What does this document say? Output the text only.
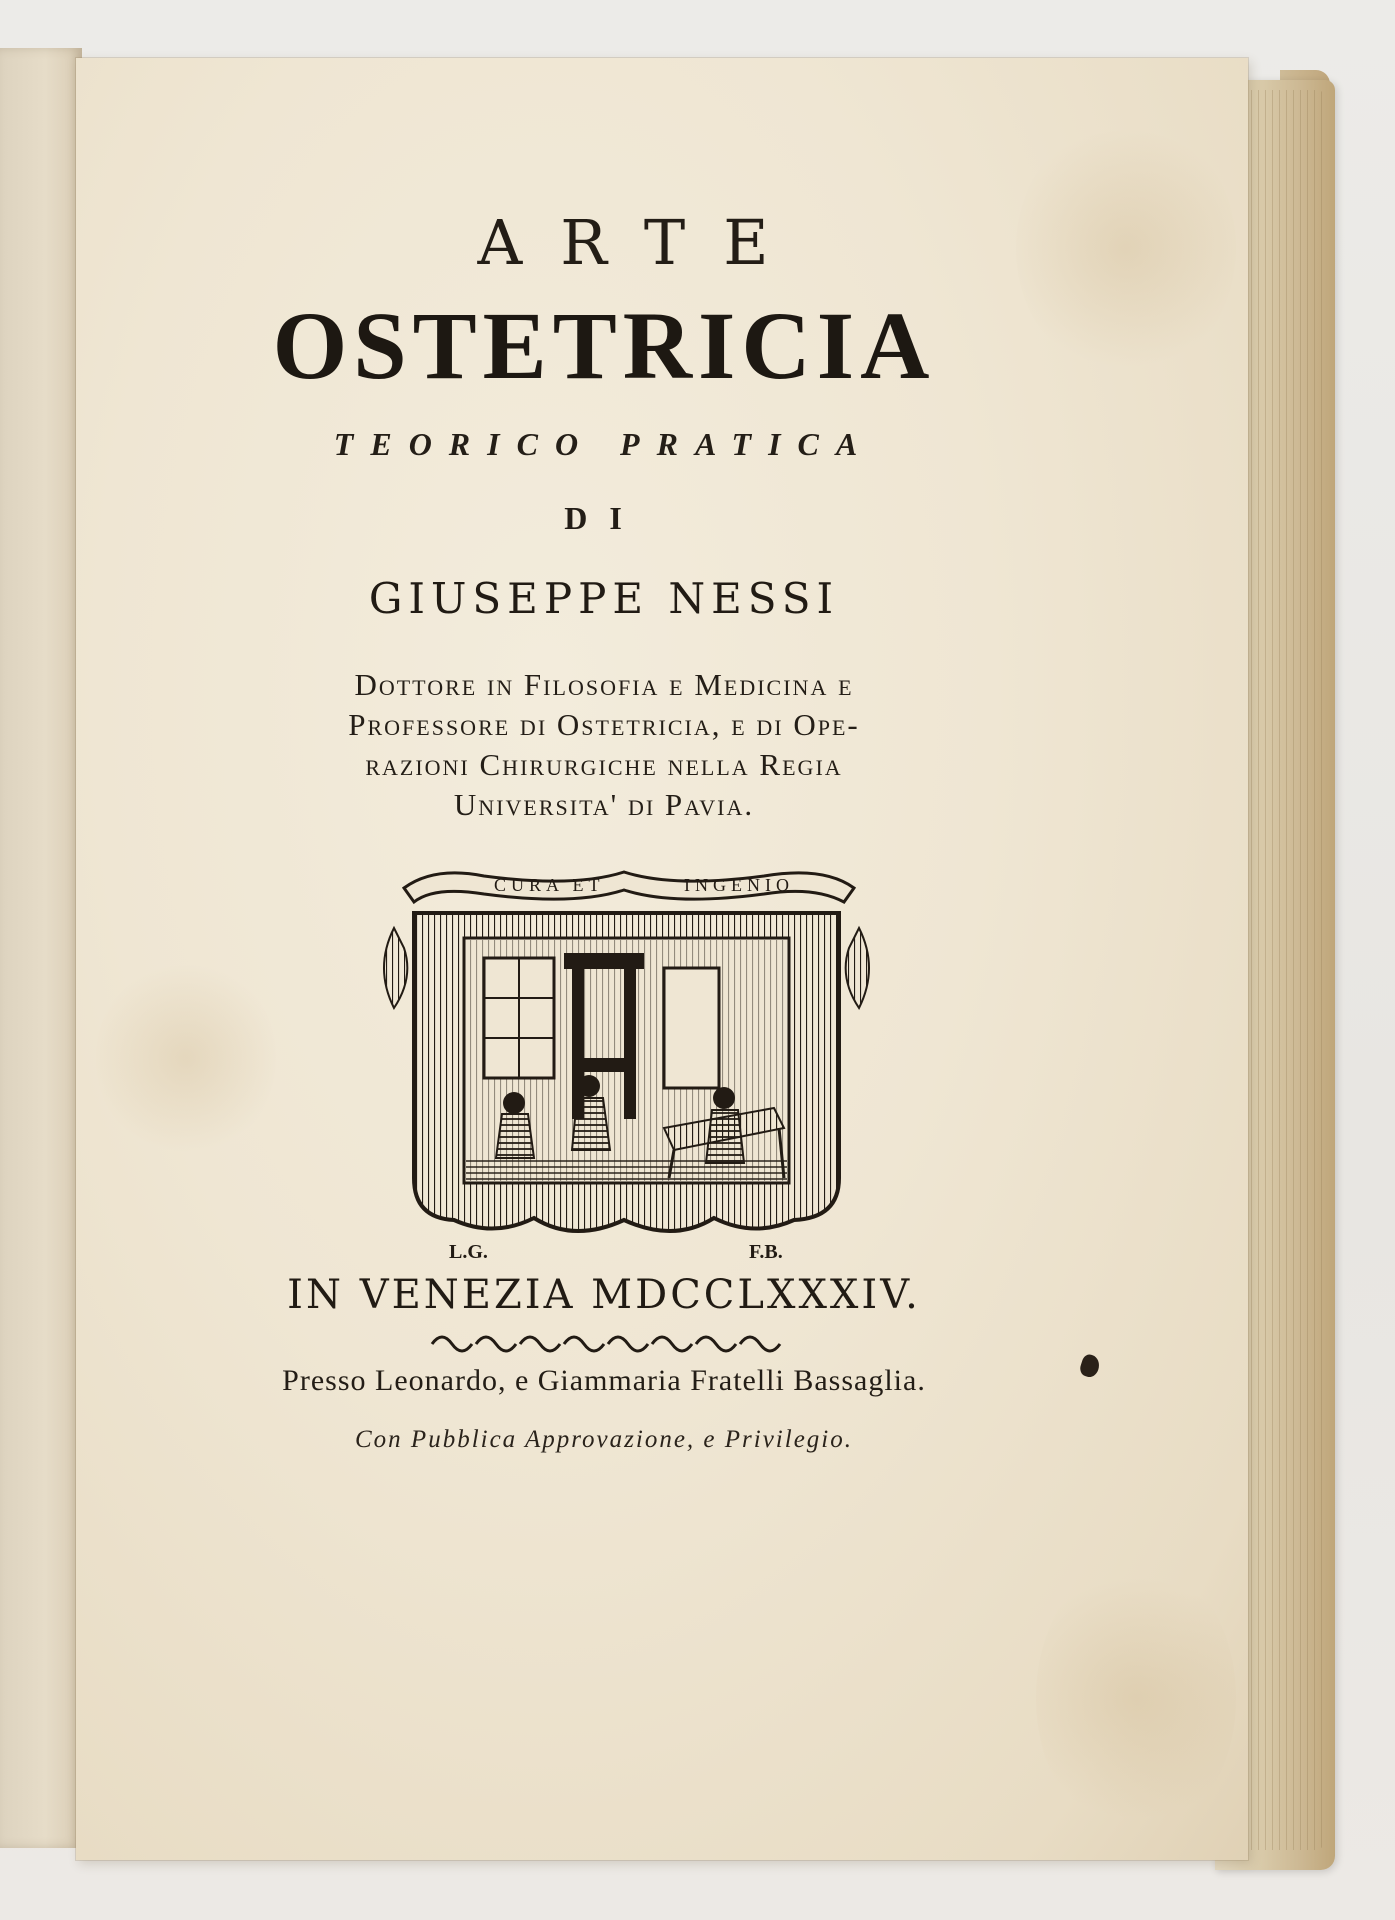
ARTE

OSTETRICIA

TEORICO PRATICA

DI

GIUSEPPE NESSI

Dottore in Filosofia e Medicina e
Professore di Ostetricia, e di Ope-
razioni Chirurgiche nella Regia
Universita' di Pavia.
CURA ET	INGENIO
L.G.	F.B.

IN VENEZIA MDCCLXXXIV.

Presso Leonardo, e Giammaria Fratelli Bassaglia.

Con Pubblica Approvazione, e Privilegio.
